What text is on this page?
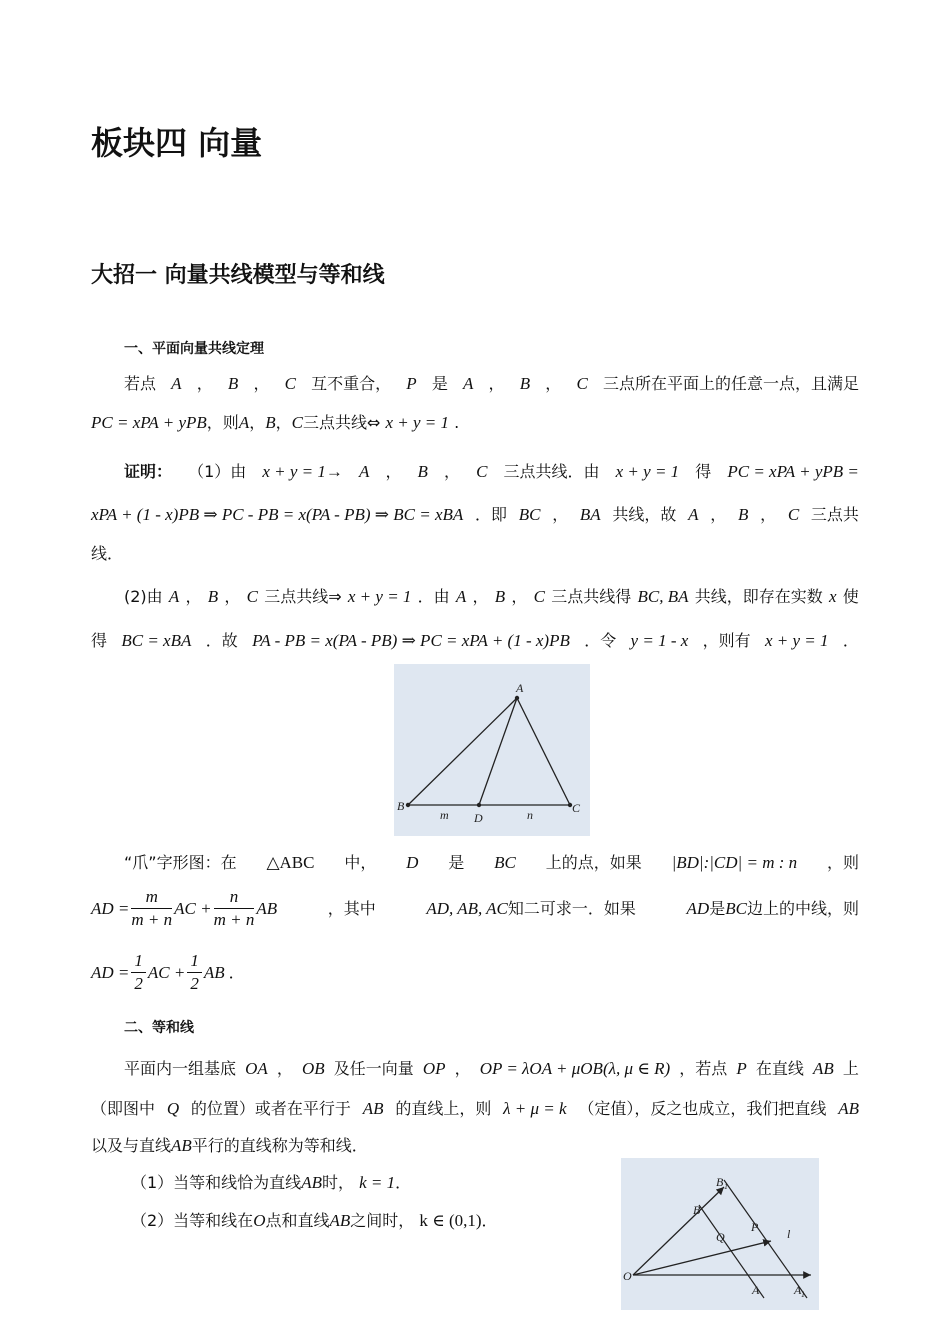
板块四 向量
大招一 向量共线模型与等和线
一、平面向量共线定理
若点 A ， B ， C 互不重合， P 是 A ， B ， C 三点所在平面上的任意一点，且满足
PC = xPA + yPB，则A，B，C三点共线⇔ x + y = 1 .
证明： （1）由 x + y = 1→ A ， B ， C 三点共线．由 x + y = 1 得 PC = xPA + yPB =
xPA + (1 - x)PB ⇒ PC - PB = x(PA - PB) ⇒ BC = xBA ．即 BC ， BA 共线，故 A ， B ， C 三点共
线．
(2)由 A ， B ， C 三点共线⇒ x + y = 1 ．由 A ， B ， C 三点共线得 BC, BA 共线，即存在实数 x 使
得 BC = xBA ．故 PA - PB = x(PA - PB) ⇒ PC = xPA + (1 - x)PB ．令 y = 1 - x ，则有 x + y = 1 ．
A
B	C
D
m	n
“爪”字形图：在 △ABC 中， D 是 BC 上的点，如果 |BD|:|CD| = m : n ，则
AD = $\frac{m}{m + n}$ AC + $\frac{n}{m + n}$ AB	，其中	AD, AB, AC知二可求一．如果	AD是BC边上的中线，则
AD = $\frac{1}{2}$ AC + $\frac{1}{2}$ AB ．
二、等和线
平面内一组基底 OA ， OB 及任一向量 OP ， OP = λOA + μOB(λ, μ ∈ R) ，若点 P 在直线 AB 上
（即图中 Q 的位置）或者在平行于 AB 的直线上，则 λ + μ = k （定值），反之也成立，我们把直线 AB
以及与直线AB平行的直线称为等和线．
（1）当等和线恰为直线AB时， k = 1．
（2）当等和线在O点和直线AB之间时， k ∈ (0,1)．
O
A	A 1
B
B 1
P
Q	l
